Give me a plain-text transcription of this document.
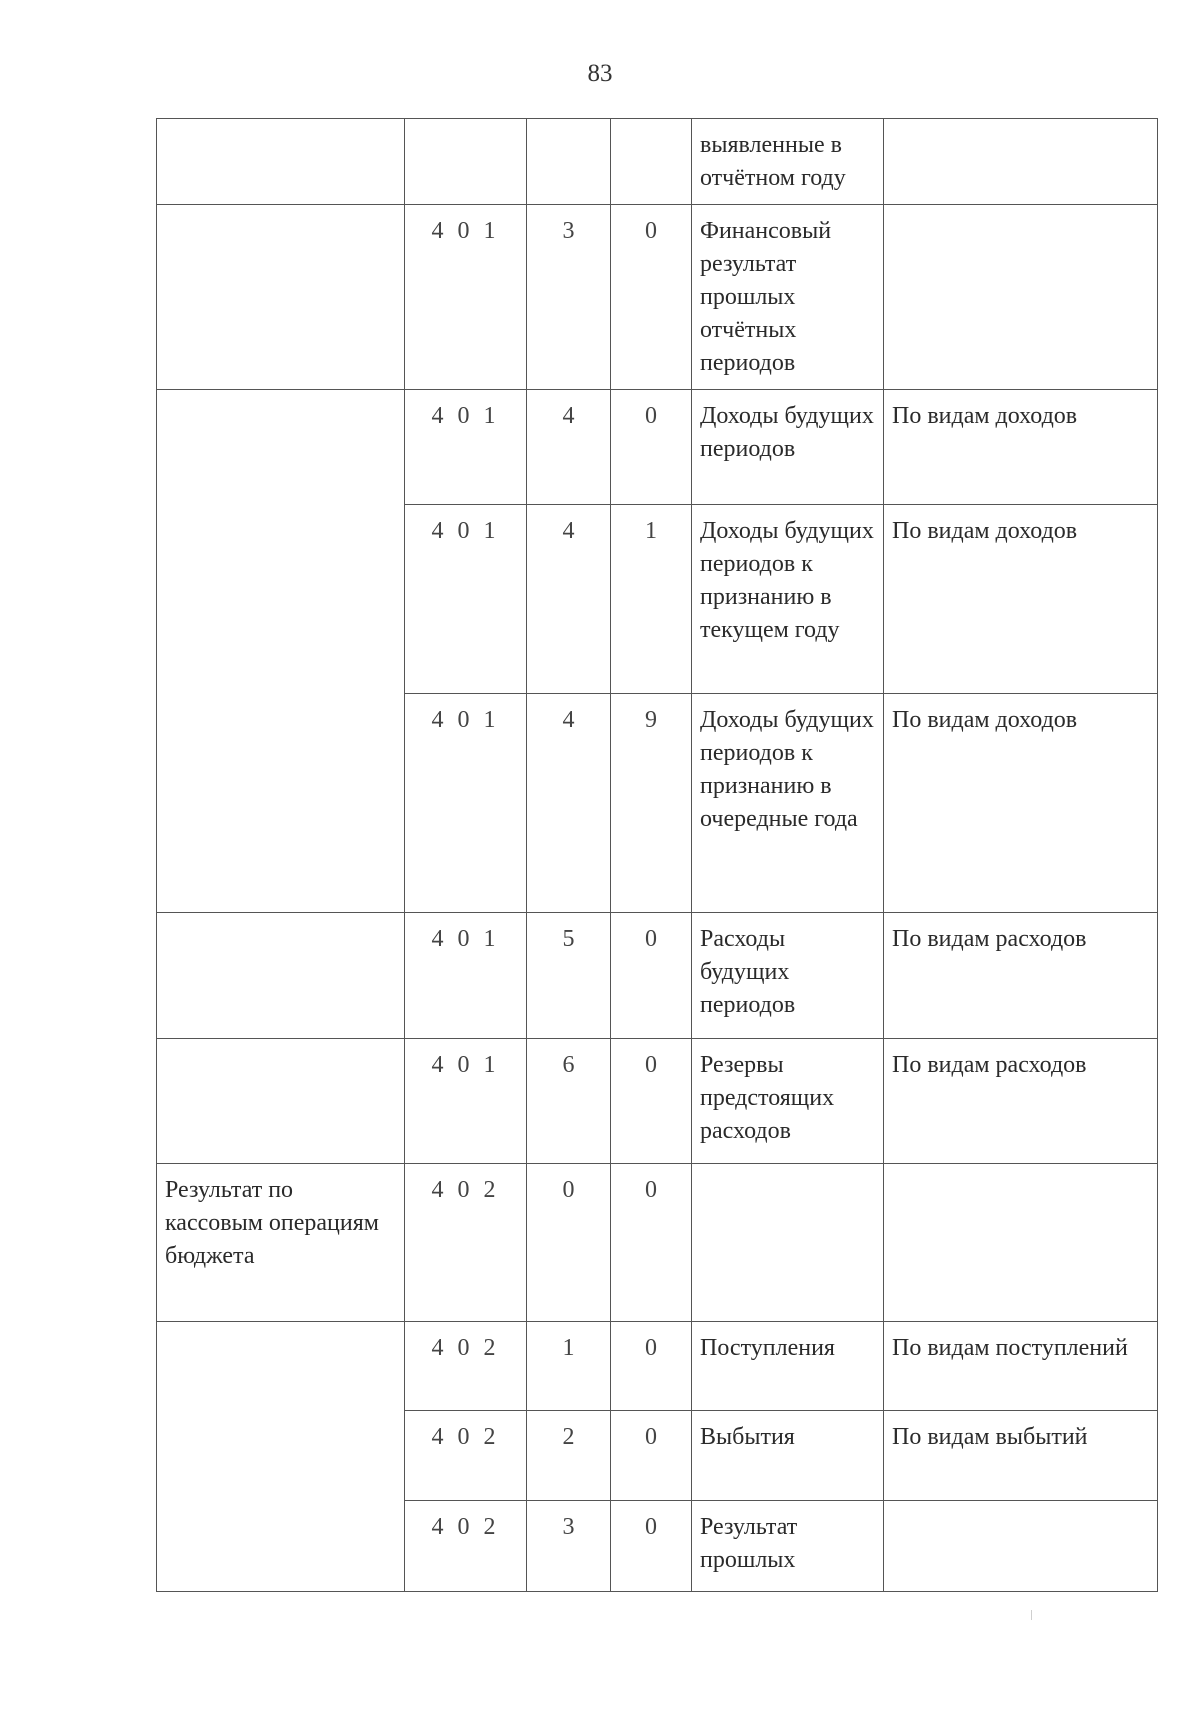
83
				выявленные в отчётном году	
	4 0 1	3	0	Финансовый результат прошлых отчётных периодов	
	4 0 1	4	0	Доходы будущих периодов	По видам доходов
	4 0 1	4	1	Доходы будущих периодов к признанию в текущем году	По видам доходов
	4 0 1	4	9	Доходы будущих периодов к признанию в очередные года	По видам доходов
	4 0 1	5	0	Расходы будущих периодов	По видам расходов
	4 0 1	6	0	Резервы предстоящих расходов	По видам расходов
Результат по кассовым операциям бюджета	4 0 2	0	0		
	4 0 2	1	0	Поступления	По видам поступлений
	4 0 2	2	0	Выбытия	По видам выбытий
	4 0 2	3	0	Результат прошлых	
